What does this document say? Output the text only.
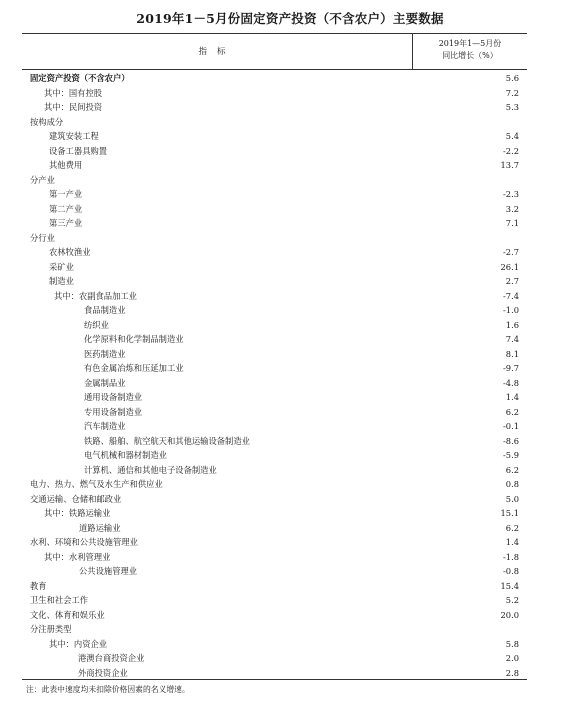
2019年1－5月份固定资产投资（不含农户）主要数据
指标
2019年1—5月份
同比增长（%）
固定资产投资（不含农户）	5.6
其中：国有控股	7.2
其中：民间投资	5.3
按构成分
建筑安装工程	5.4
设备工器具购置	-2.2
其他费用	13.7
分产业
第一产业	-2.3
第二产业	3.2
第三产业	7.1
分行业
农林牧渔业	-2.7
采矿业	26.1
制造业	2.7
其中：农副食品加工业	-7.4
食品制造业	-1.0
纺织业	1.6
化学原料和化学制品制造业	7.4
医药制造业	8.1
有色金属冶炼和压延加工业	-9.7
金属制品业	-4.8
通用设备制造业	1.4
专用设备制造业	6.2
汽车制造业	-0.1
铁路、船舶、航空航天和其他运输设备制造业	-8.6
电气机械和器材制造业	-5.9
计算机、通信和其他电子设备制造业	6.2
电力、热力、燃气及水生产和供应业	0.8
交通运输、仓储和邮政业	5.0
其中：铁路运输业	15.1
道路运输业	6.2
水利、环境和公共设施管理业	1.4
其中：水利管理业	-1.8
公共设施管理业	-0.8
教育	15.4
卫生和社会工作	5.2
文化、体育和娱乐业	20.0
分注册类型
其中：内资企业	5.8
港澳台商投资企业	2.0
外商投资企业	2.8
注：此表中速度均未扣除价格因素的名义增速。
